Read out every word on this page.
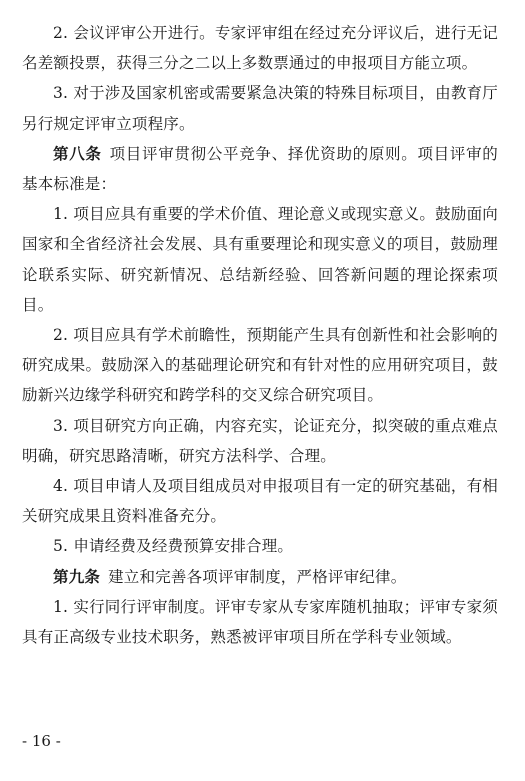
2. 会议评审公开进行。专家评审组在经过充分评议后，进行无记名差额投票，获得三分之二以上多数票通过的申报项目方能立项。

3. 对于涉及国家机密或需要紧急决策的特殊目标项目，由教育厅另行规定评审立项程序。

第八条 项目评审贯彻公平竞争、择优资助的原则。项目评审的基本标准是：

1. 项目应具有重要的学术价值、理论意义或现实意义。鼓励面向国家和全省经济社会发展、具有重要理论和现实意义的项目，鼓励理论联系实际、研究新情况、总结新经验、回答新问题的理论探索项目。

2. 项目应具有学术前瞻性，预期能产生具有创新性和社会影响的研究成果。鼓励深入的基础理论研究和有针对性的应用研究项目，鼓励新兴边缘学科研究和跨学科的交叉综合研究项目。

3. 项目研究方向正确，内容充实，论证充分，拟突破的重点难点明确，研究思路清晰，研究方法科学、合理。

4. 项目申请人及项目组成员对申报项目有一定的研究基础，有相关研究成果且资料准备充分。

5. 申请经费及经费预算安排合理。

第九条 建立和完善各项评审制度，严格评审纪律。

1. 实行同行评审制度。评审专家从专家库随机抽取；评审专家须具有正高级专业技术职务，熟悉被评审项目所在学科专业领域。

- 16 -
